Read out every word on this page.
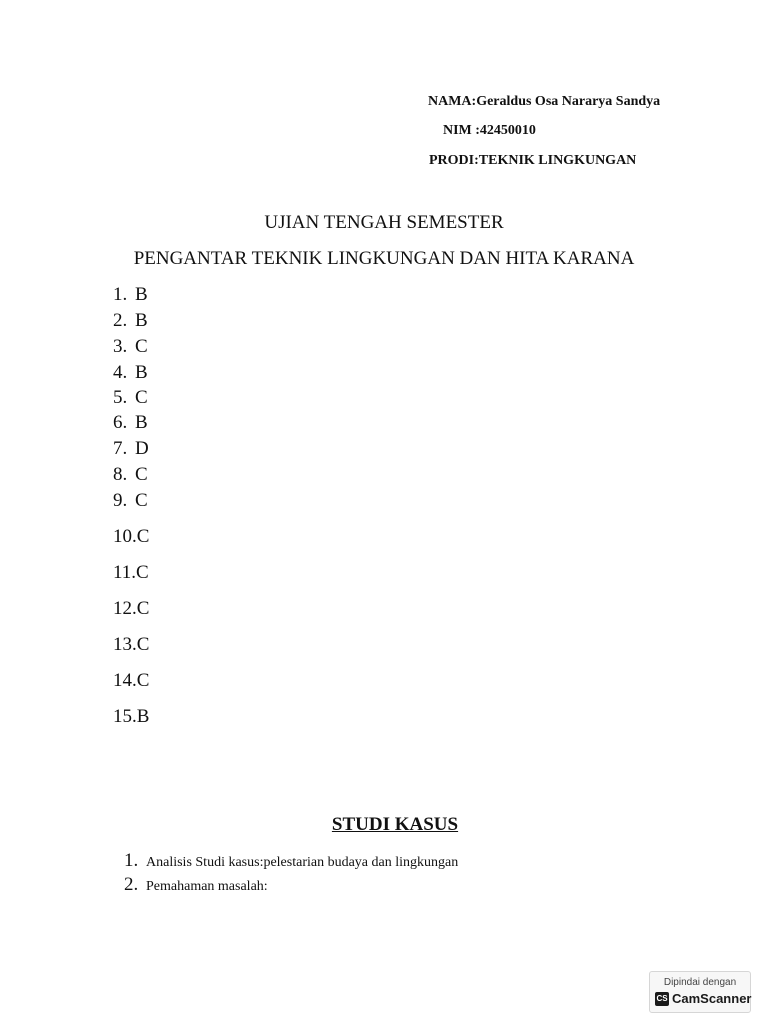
NAMA:Geraldus Osa Nararya Sandya
NIM :42450010
PRODI:TEKNIK LINGKUNGAN
UJIAN TENGAH SEMESTER
PENGANTAR TEKNIK LINGKUNGAN DAN HITA KARANA
1. B
2. B
3. C
4. B
5. C
6. B
7. D
8. C
9. C
10.C
11.C
12.C
13.C
14.C
15.B
STUDI KASUS
1. Analisis Studi kasus:pelestarian budaya dan lingkungan
2. Pemahaman masalah:
Dipindai dengan
CS CamScanner
